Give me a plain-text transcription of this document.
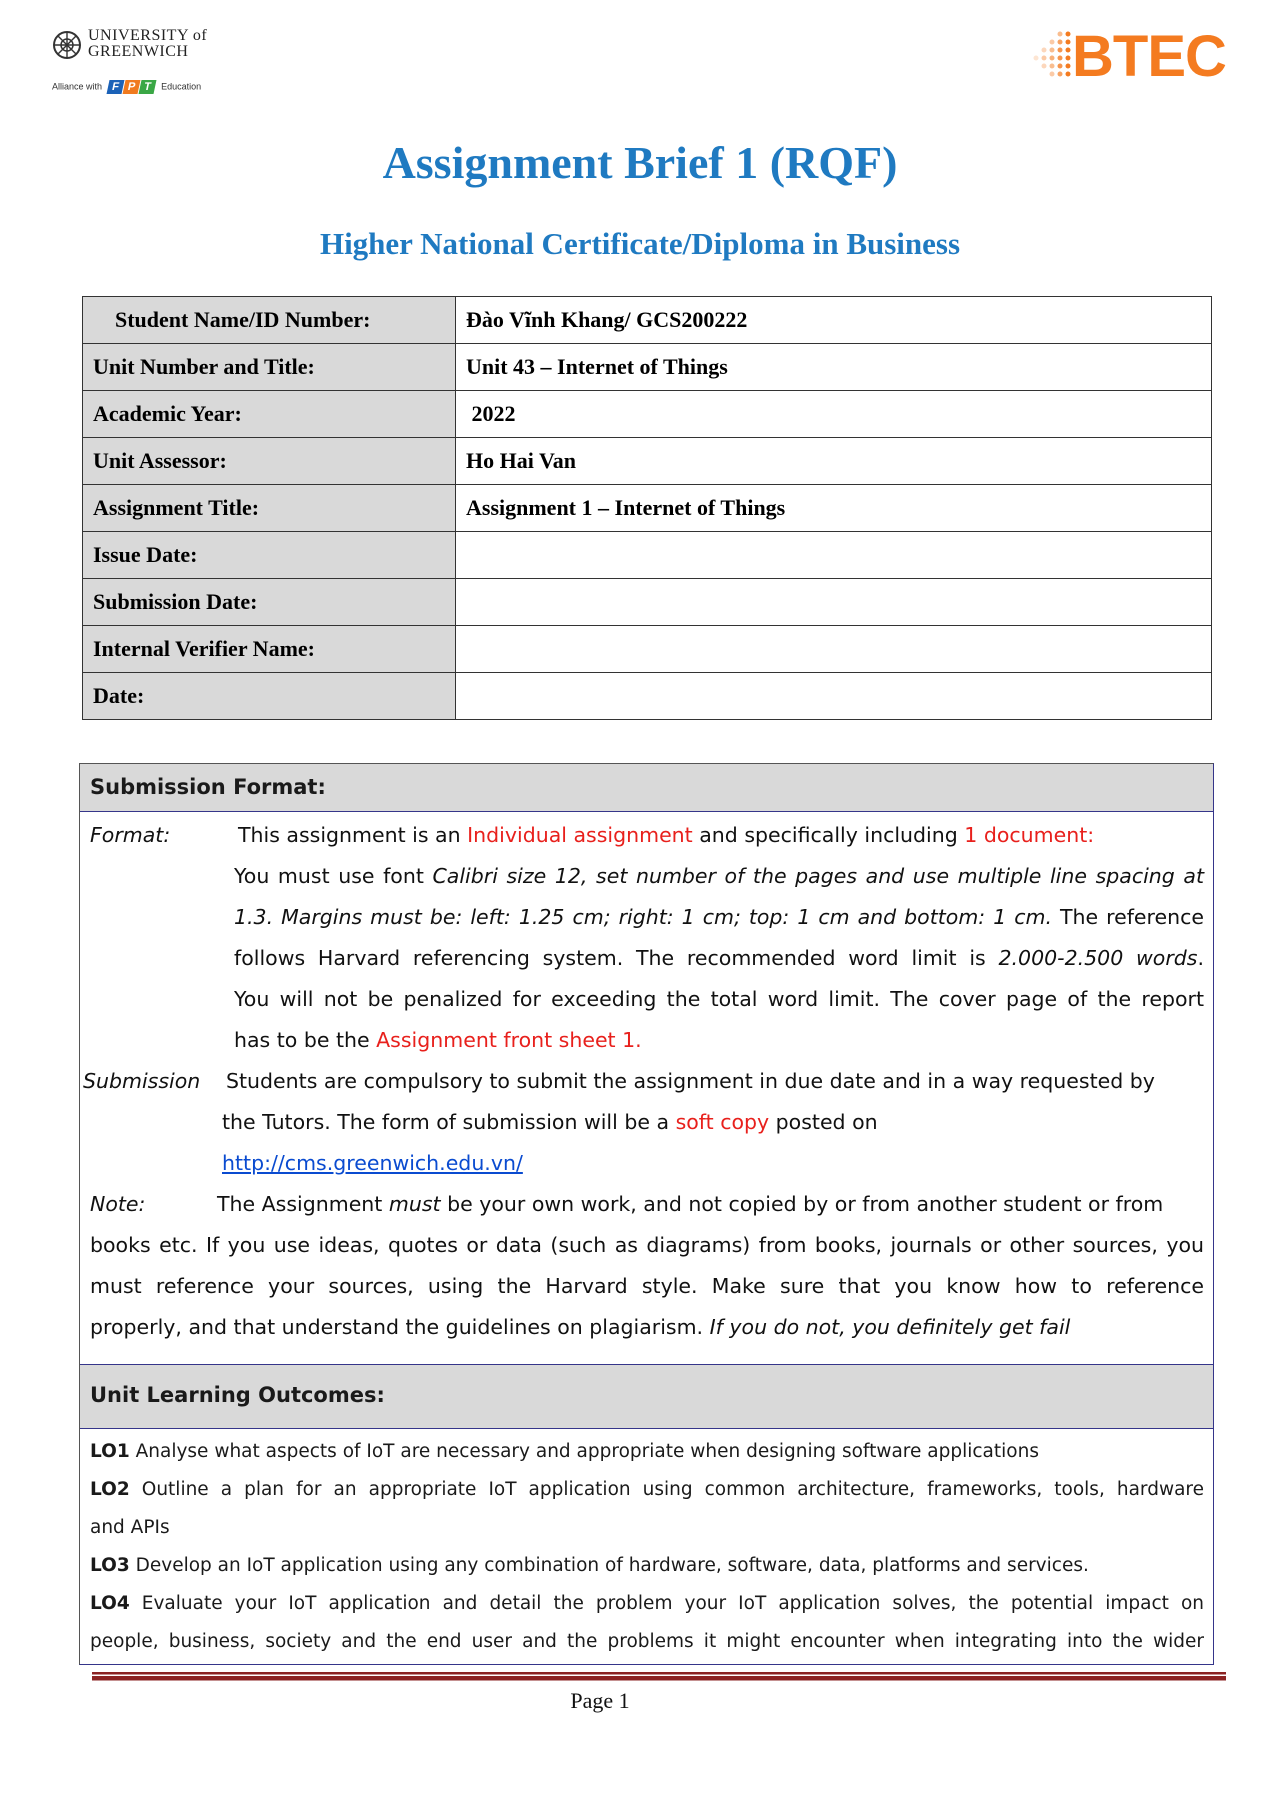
UNIVERSITY of
GREENWICH
Alliance with F P T Education	BTEC
Assignment Brief 1 (RQF)
Higher National Certificate/Diploma in Business
Student Name/ID Number:	Đào Vĩnh Khang/ GCS200222
Unit Number and Title:	Unit 43 – Internet of Things
Academic Year:	2022
Unit Assessor:	Ho Hai Van
Assignment Title:	Assignment 1 – Internet of Things
Issue Date:	
Submission Date:	
Internal Verifier Name:	
Date:	
Submission Format:
Format:	This assignment is an Individual assignment and specifically including 1 document:
You must use font Calibri size 12, set number of the pages and use multiple line spacing at
1.3. Margins must be: left: 1.25 cm; right: 1 cm; top: 1 cm and bottom: 1 cm. The reference
follows Harvard referencing system. The recommended word limit is 2.000-2.500 words.
You will not be penalized for exceeding the total word limit. The cover page of the report
has to be the Assignment front sheet 1.
Submission Students are compulsory to submit the assignment in due date and in a way requested by
the Tutors. The form of submission will be a soft copy posted on
http://cms.greenwich.edu.vn/
Note:	The Assignment must be your own work, and not copied by or from another student or from
books etc. If you use ideas, quotes or data (such as diagrams) from books, journals or other sources, you
must reference your sources, using the Harvard style. Make sure that you know how to reference
properly, and that understand the guidelines on plagiarism. If you do not, you definitely get fail
Unit Learning Outcomes:
LO1 Analyse what aspects of IoT are necessary and appropriate when designing software applications
LO2 Outline a plan for an appropriate IoT application using common architecture, frameworks, tools, hardware
and APIs
LO3 Develop an IoT application using any combination of hardware, software, data, platforms and services.
LO4 Evaluate your IoT application and detail the problem your IoT application solves, the potential impact on
people, business, society and the end user and the problems it might encounter when integrating into the wider
Page 1
